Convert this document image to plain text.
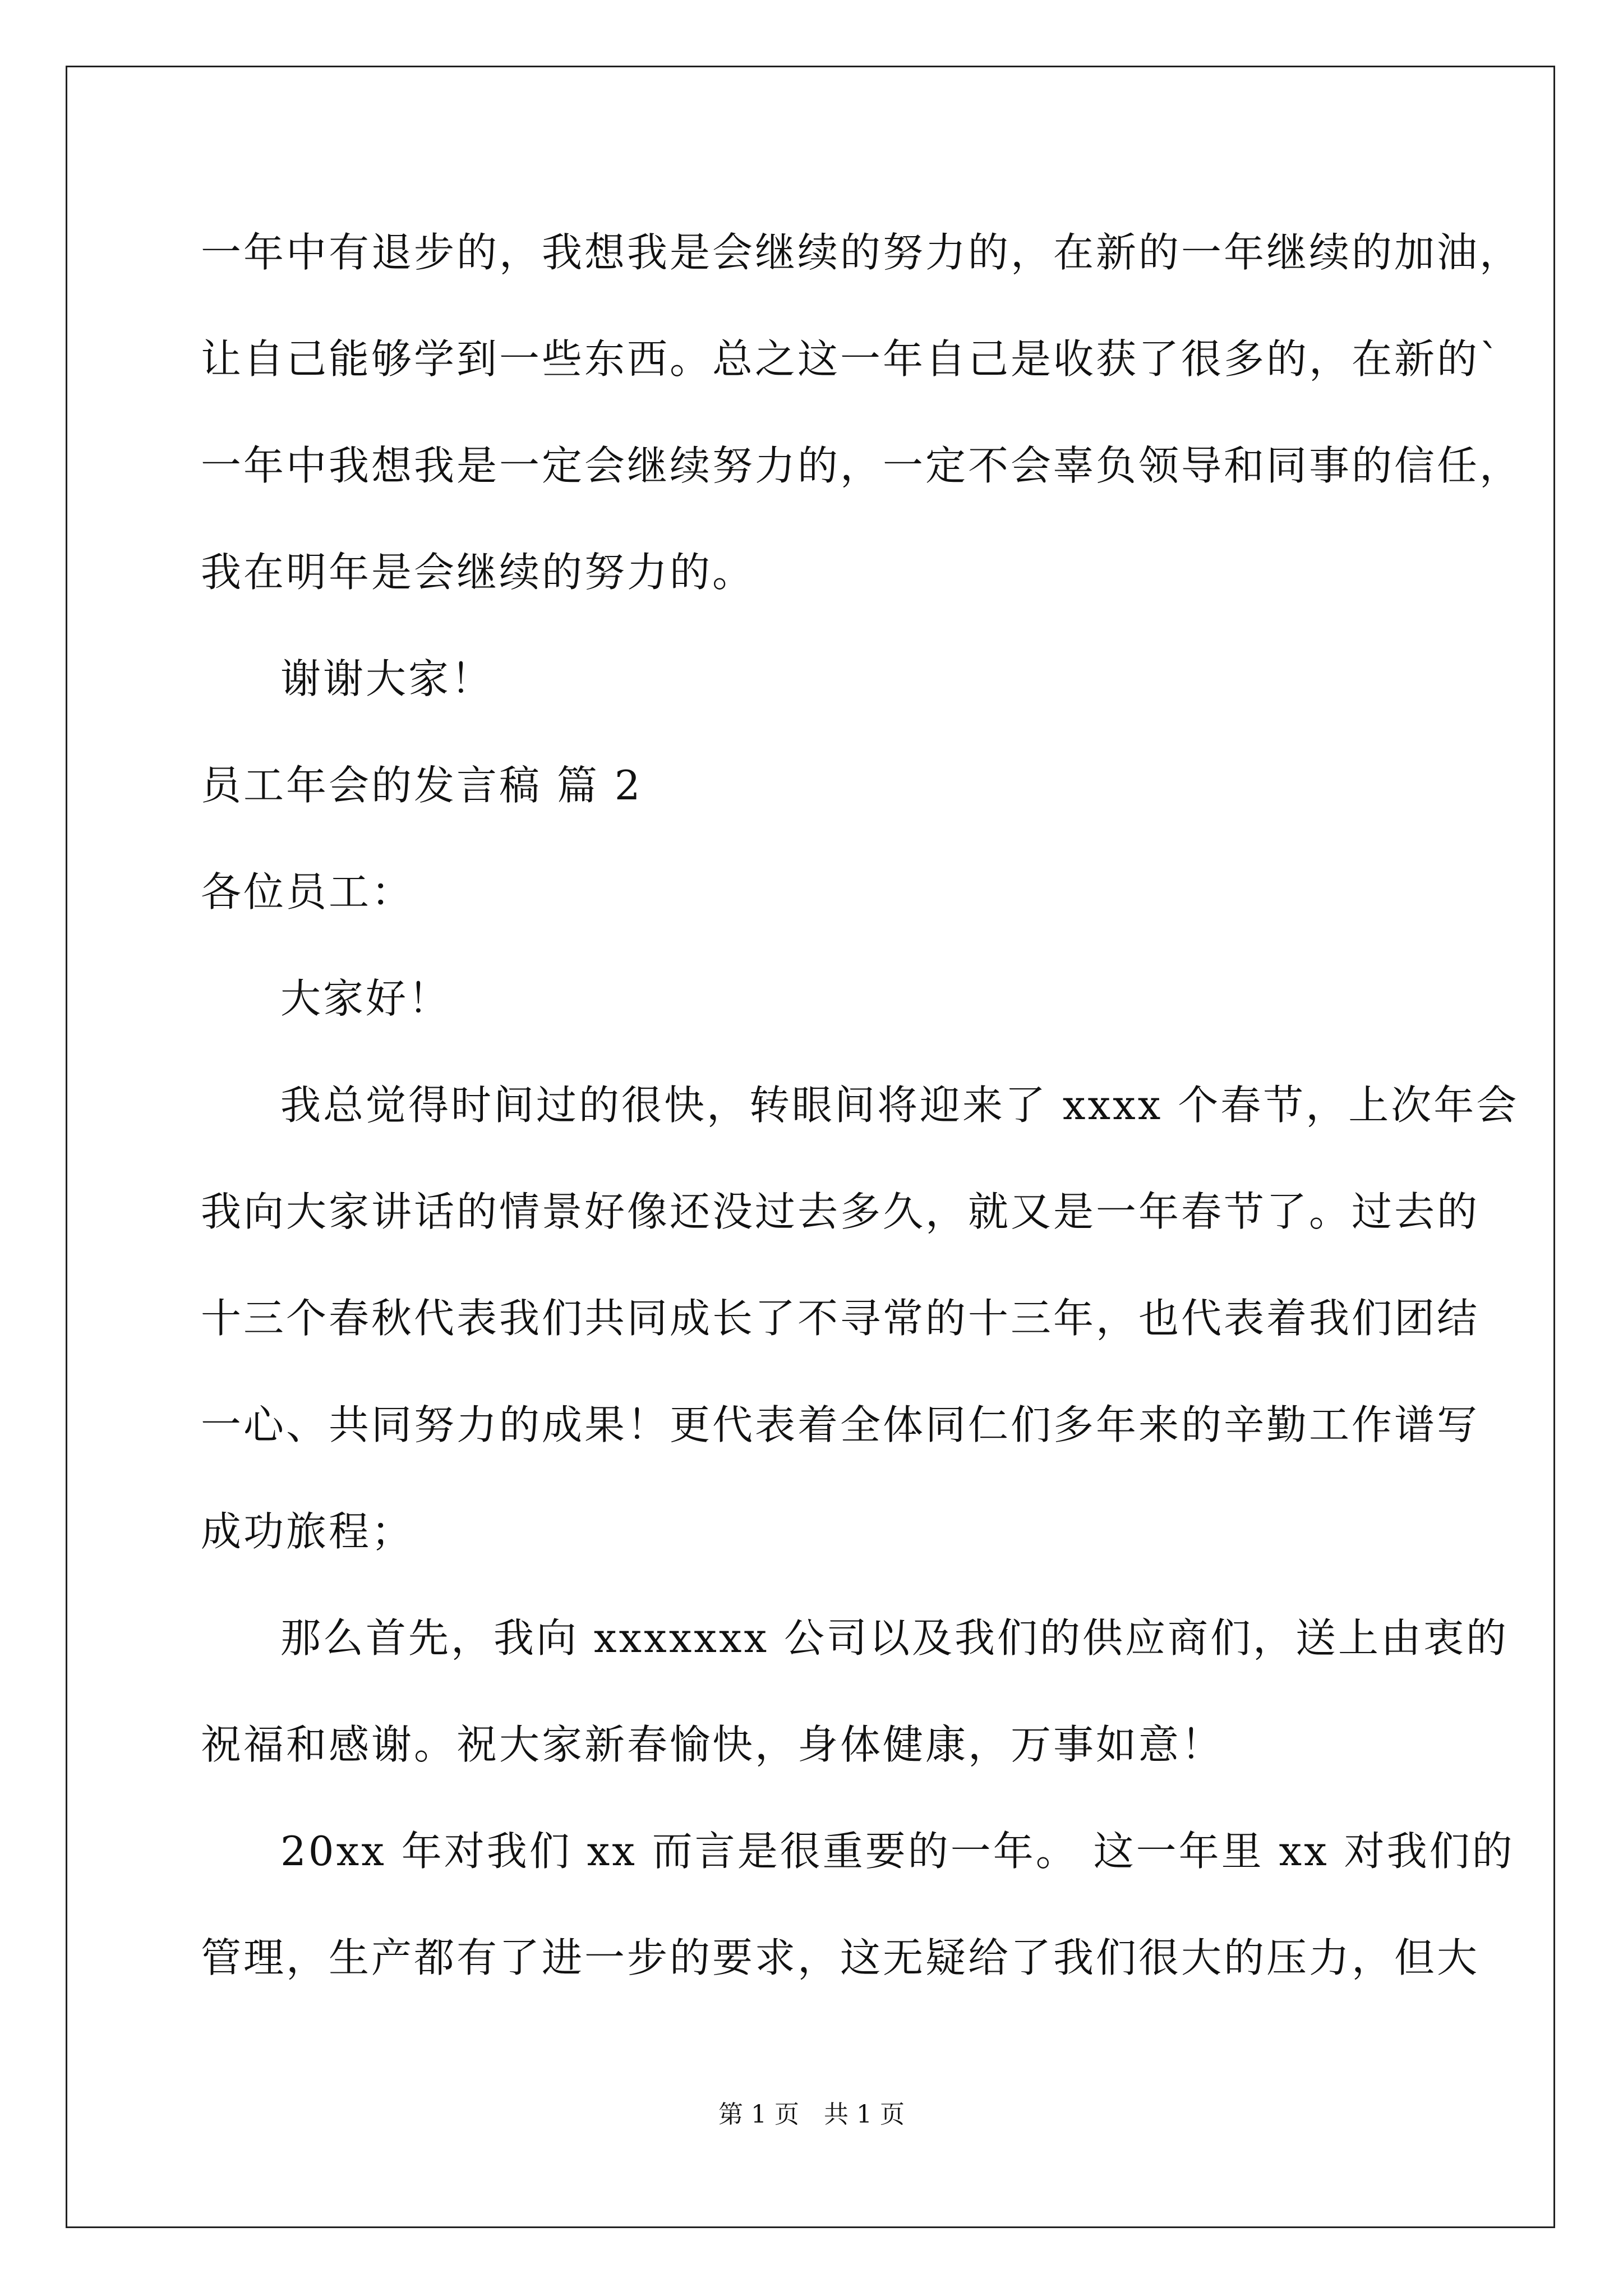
一年中有退步的，我想我是会继续的努力的，在新的一年继续的加油，
让自己能够学到一些东西。总之这一年自己是收获了很多的，在新的`
一年中我想我是一定会继续努力的，一定不会辜负领导和同事的信任，
我在明年是会继续的努力的。
谢谢大家！
员工年会的发言稿 篇 2
各位员工：
大家好！
我总觉得时间过的很快，转眼间将迎来了 xxxx 个春节，上次年会
我向大家讲话的情景好像还没过去多久，就又是一年春节了。过去的
十三个春秋代表我们共同成长了不寻常的十三年，也代表着我们团结
一心、共同努力的成果！更代表着全体同仁们多年来的辛勤工作谱写
成功旅程；
那么首先，我向 xxxxxxx 公司以及我们的供应商们，送上由衷的
祝福和感谢。祝大家新春愉快，身体健康，万事如意！
20xx 年对我们 xx 而言是很重要的一年。 这一年里 xx 对我们的
管理，生产都有了进一步的要求，这无疑给了我们很大的压力，但大
第 1 页　共 1 页
